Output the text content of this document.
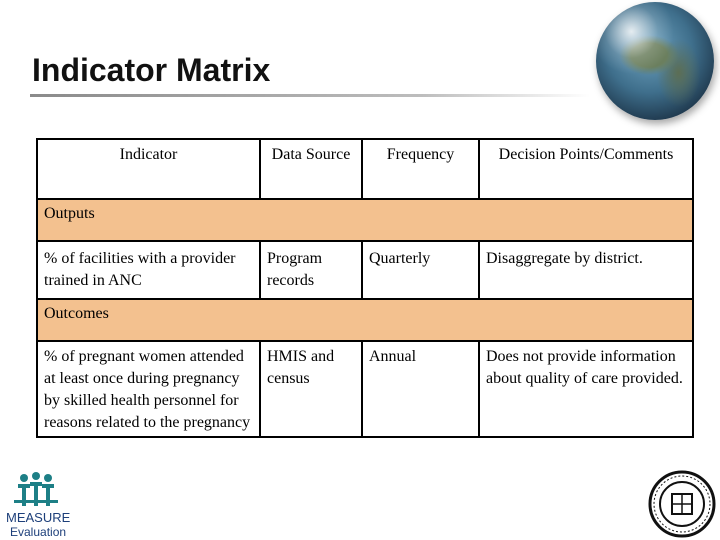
Indicator Matrix
Indicator	Data Source	Frequency	Decision Points/Comments
Outputs			
% of facilities with a provider trained in ANC	Program records	Quarterly	Disaggregate by district.
Outcomes			
% of pregnant women attended at least once during pregnancy by skilled health personnel for reasons related to the pregnancy	HMIS and census	Annual	Does not provide information about quality of care provided.
MEASURE
Evaluation
